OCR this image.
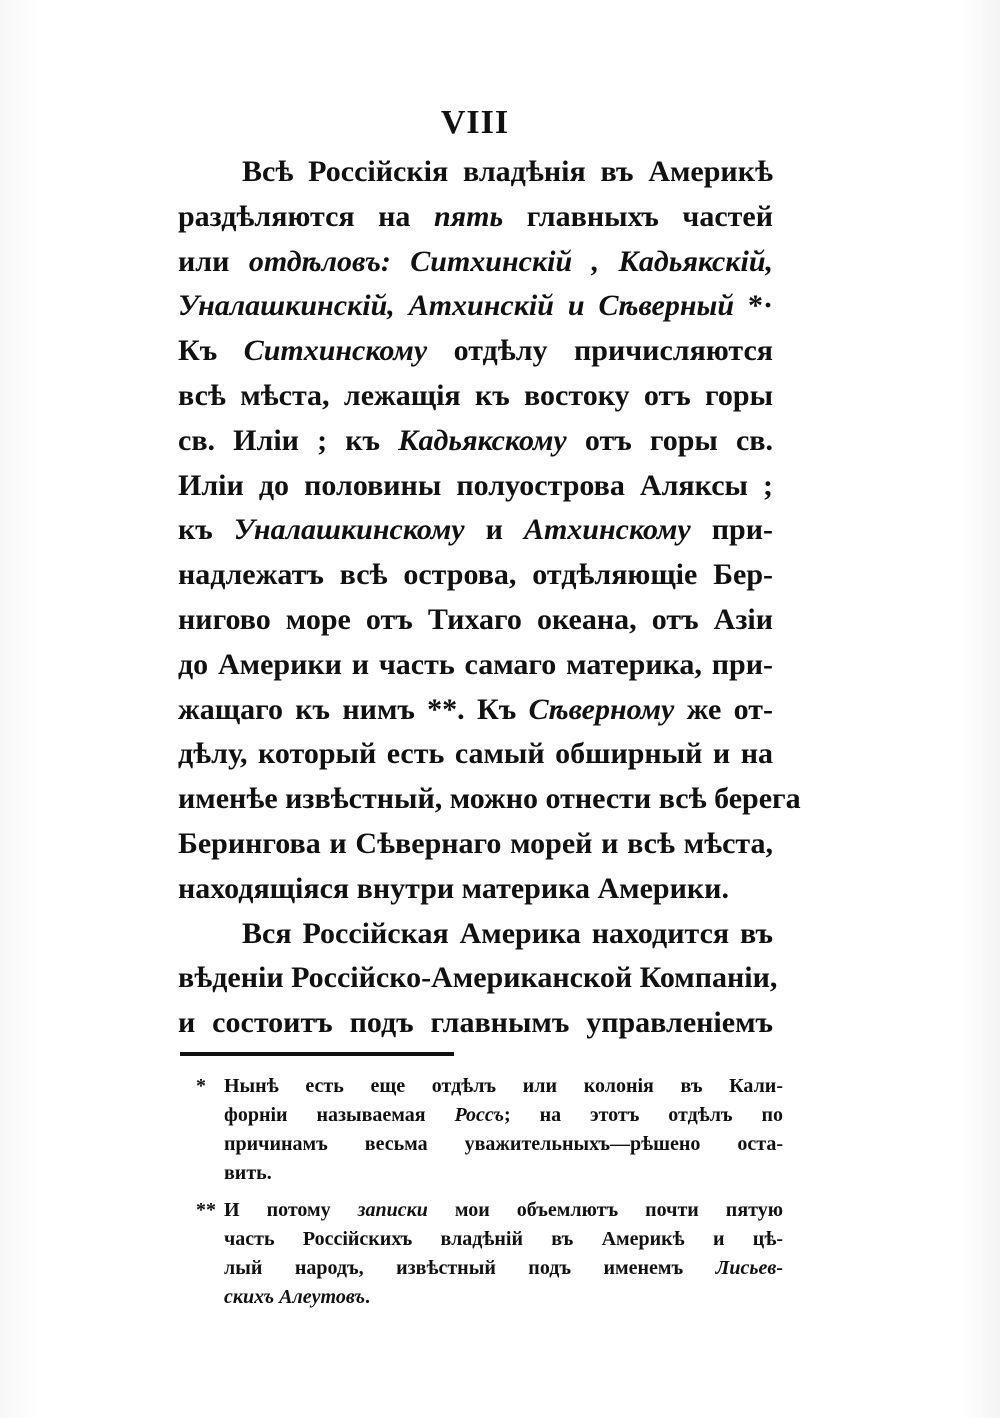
VIII
Всѣ Россійскія владѣнія въ Америкѣ
раздѣляются на пять главныхъ частей
или отдѣловъ: Ситхинскій , Кадьякскій,
Уналашкинскій, Атхинскій и Сѣверный *·
Къ Ситхинскому отдѣлу причисляются
всѣ мѣста, лежащія къ востоку отъ горы
св. Иліи ; къ Кадьякскому отъ горы св.
Иліи до половины полуострова Аляксы ;
къ Уналашкинскому и Атхинскому при-
надлежатъ всѣ острова, отдѣляющіе Бер-
нигово море отъ Тихаго океана, отъ Азіи
до Америки и часть самаго материка, при-
жащаго къ нимъ **. Къ Сѣверному же от-
дѣлу, который есть самый обширный и на
именѣе извѣстный, можно отнести всѣ берега
Берингова и Сѣвернаго морей и всѣ мѣста,
находящіяся внутри материка Америки.
Вся Россійская Америка находится въ
вѣденіи Россійско-Американской Компаніи,
и состоитъ подъ главнымъ управленіемъ
* Нынѣ есть еще отдѣлъ или колонія въ Кали-
форніи называемая Россъ; на этотъ отдѣлъ по
причинамъ весьма уважительныхъ—рѣшено оста-
вить.
** И потому записки мои объемлютъ почти пятую
часть Россійскихъ владѣній въ Америкѣ и цѣ-
лый народъ, извѣстный подъ именемъ Лисьев-
скихъ Алеутовъ.
